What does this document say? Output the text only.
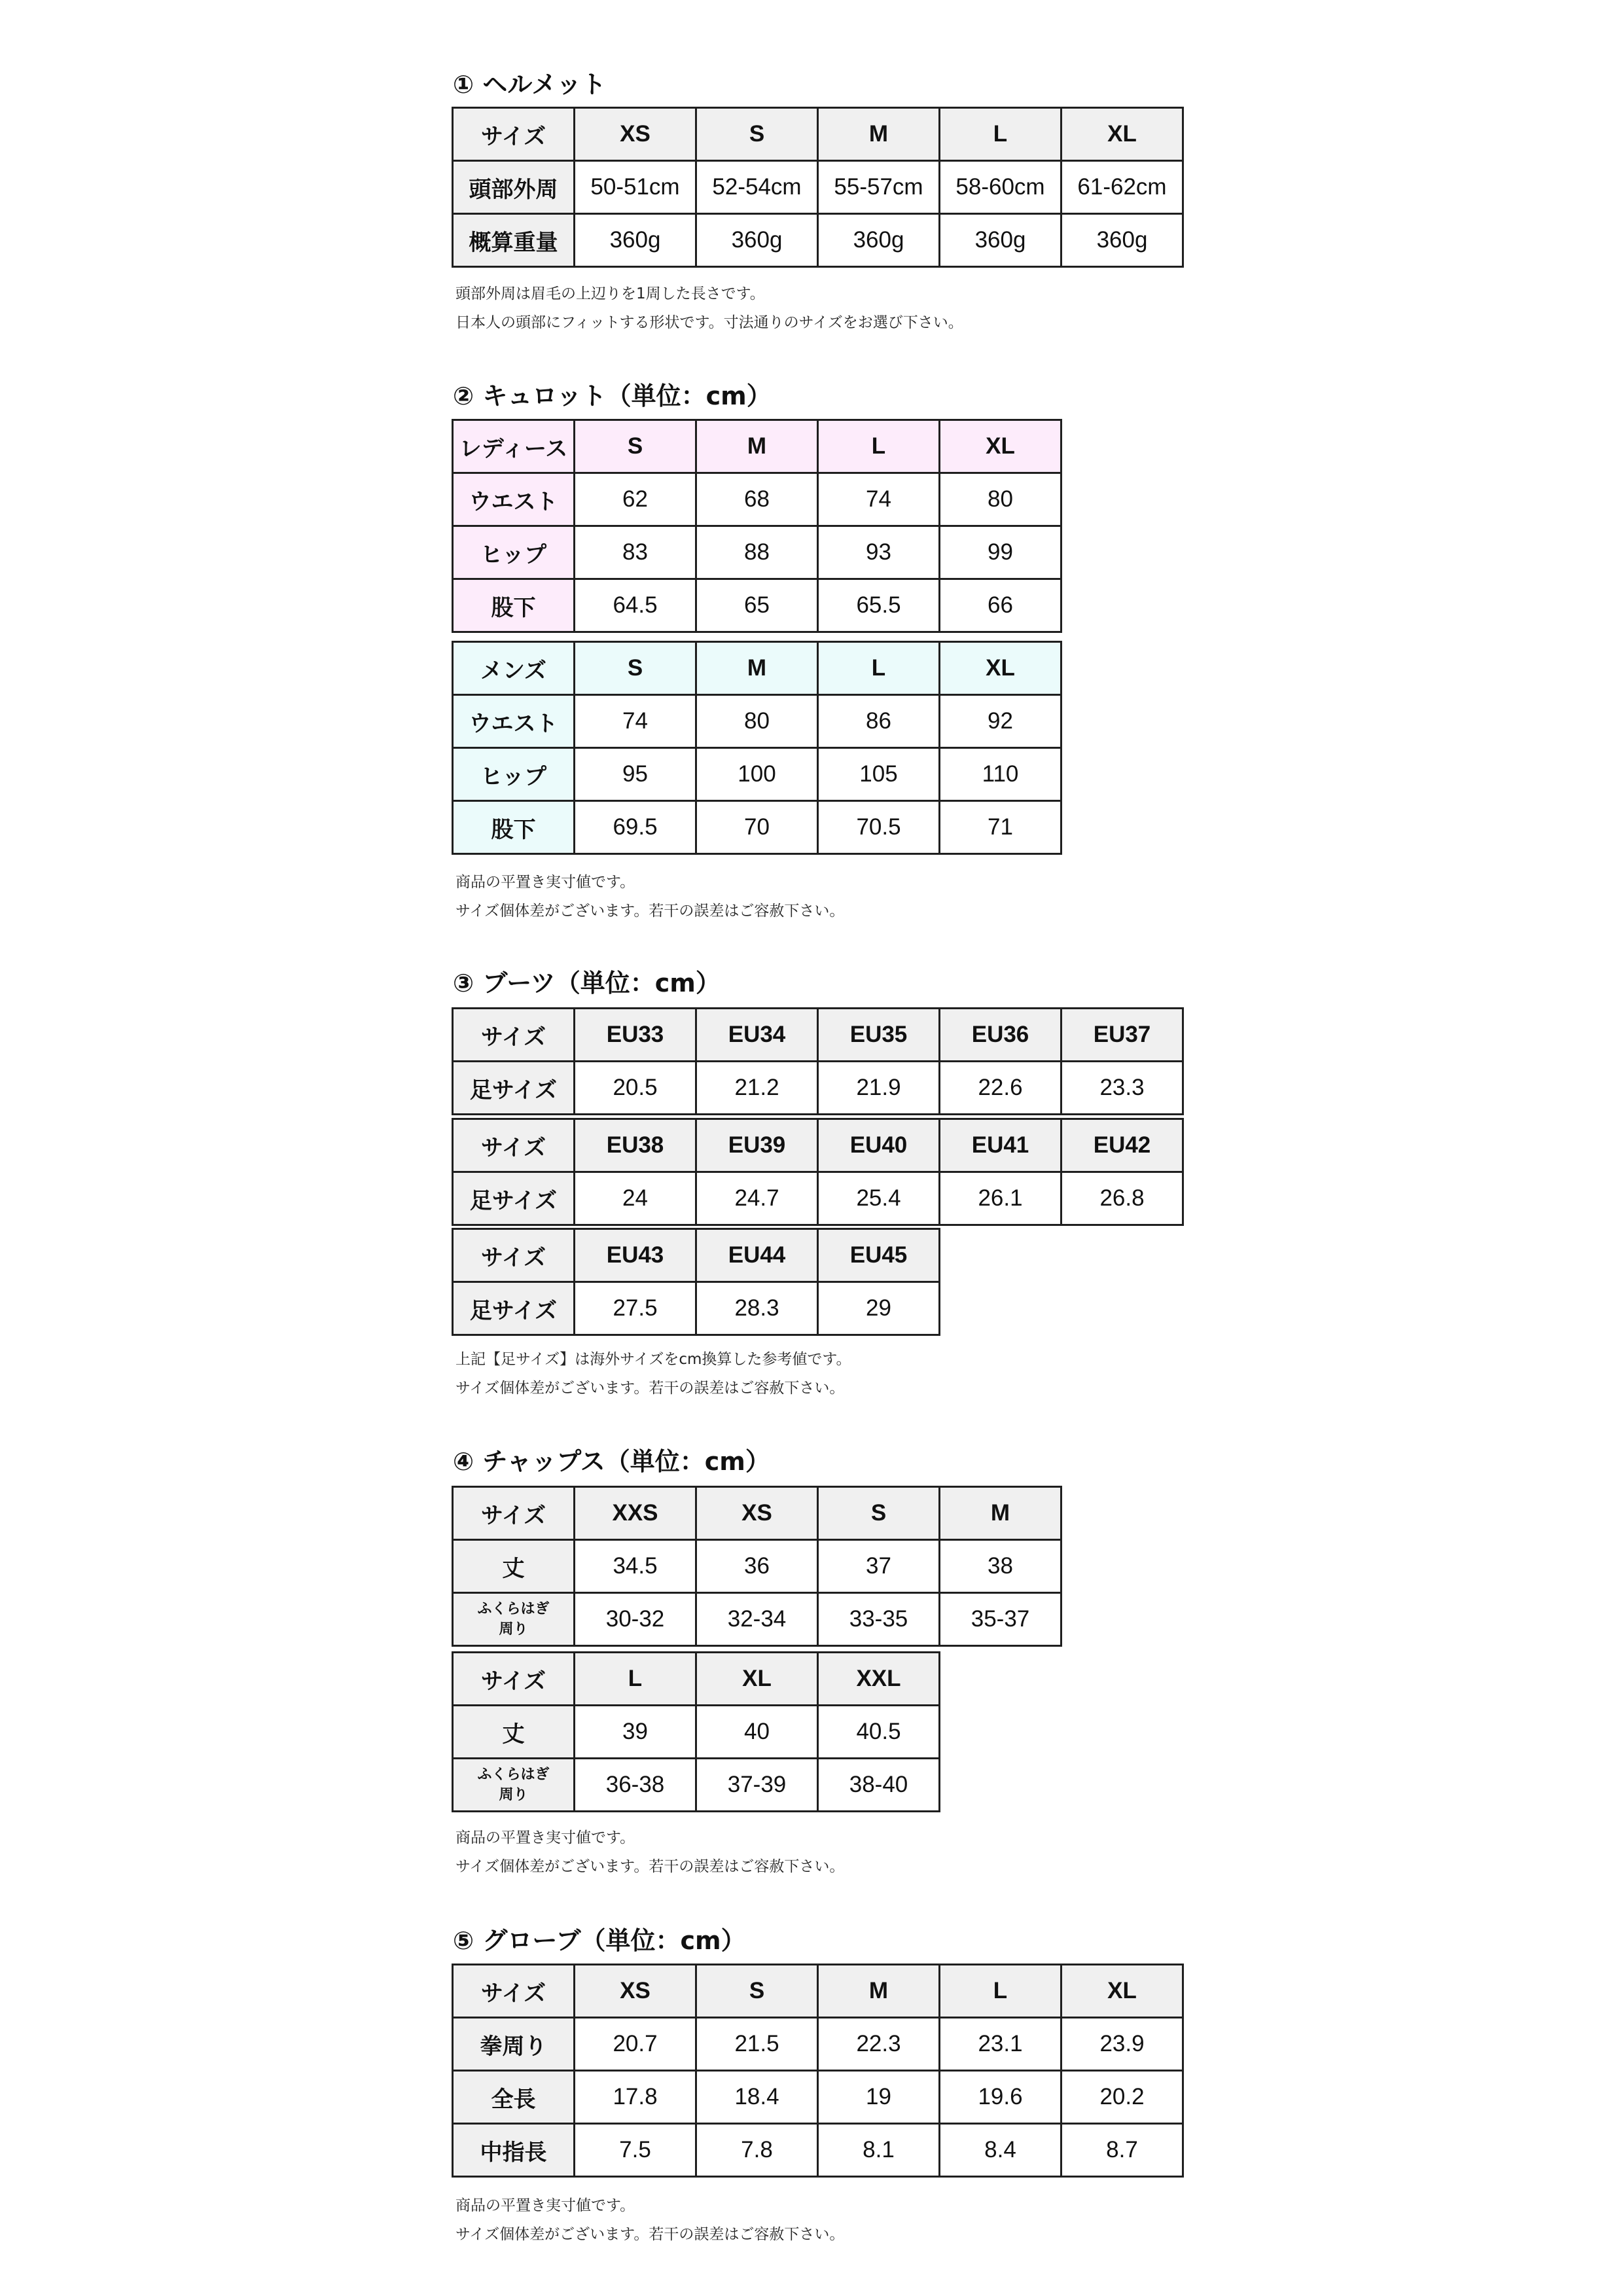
① ヘルメット
サイズ	XS	S	M	L	XL
頭部外周	50-51cm	52-54cm	55-57cm	58-60cm	61-62cm
概算重量	360g	360g	360g	360g	360g
頭部外周は眉毛の上辺りを1周した長さです。
日本人の頭部にフィットする形状です。寸法通りのサイズをお選び下さい。
② キュロット（単位：cm）
レディース	S	M	L	XL
ウエスト	62	68	74	80
ヒップ	83	88	93	99
股下	64.5	65	65.5	66
メンズ	S	M	L	XL
ウエスト	74	80	86	92
ヒップ	95	100	105	110
股下	69.5	70	70.5	71
商品の平置き実寸値です。
サイズ個体差がございます。若干の誤差はご容赦下さい。
③ ブーツ（単位：cm）
サイズ	EU33	EU34	EU35	EU36	EU37
足サイズ	20.5	21.2	21.9	22.6	23.3
サイズ	EU38	EU39	EU40	EU41	EU42
足サイズ	24	24.7	25.4	26.1	26.8
サイズ	EU43	EU44	EU45
足サイズ	27.5	28.3	29
上記【足サイズ】は海外サイズをcm換算した参考値です。
サイズ個体差がございます。若干の誤差はご容赦下さい。
④ チャップス（単位：cm）
サイズ	XXS	XS	S	M
丈	34.5	36	37	38
ふくらはぎ
周り	30-32	32-34	33-35	35-37
サイズ	L	XL	XXL
丈	39	40	40.5
ふくらはぎ
周り	36-38	37-39	38-40
商品の平置き実寸値です。
サイズ個体差がございます。若干の誤差はご容赦下さい。
⑤ グローブ（単位：cm）
サイズ	XS	S	M	L	XL
拳周り	20.7	21.5	22.3	23.1	23.9
全長	17.8	18.4	19	19.6	20.2
中指長	7.5	7.8	8.1	8.4	8.7
商品の平置き実寸値です。
サイズ個体差がございます。若干の誤差はご容赦下さい。
